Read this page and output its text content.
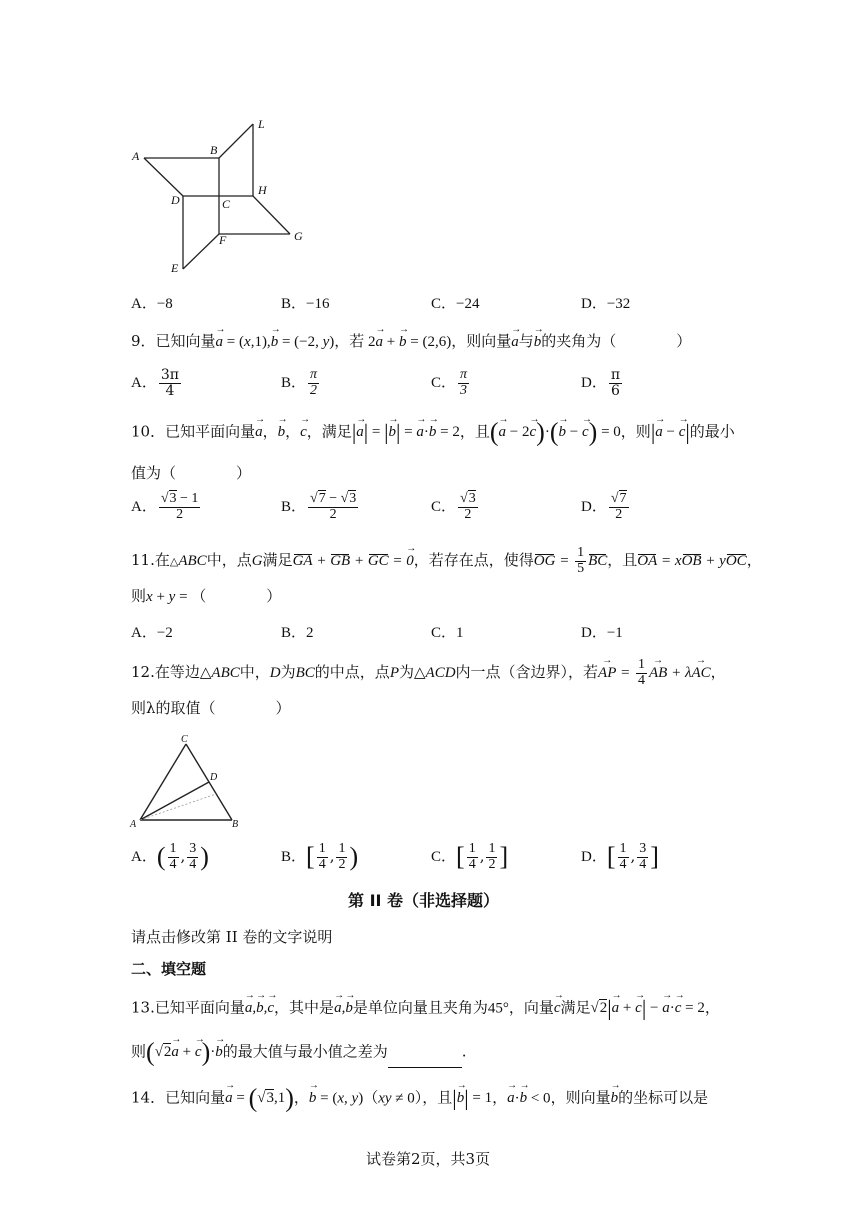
A	B
L
D	C
H
F	G
E
A．−8	B．−16	C．−24	D．−32
9．已知向量→ a = (x,1),→ b = (−2, y)，若 2→ a + → b = (2,6)，则向量→ a与→ b的夹角为（　　　　）
A． $\frac{3\pi}{4}$	B． $\frac{\pi}{2}$	C． $\frac{\pi}{3}$	D． $\frac{\pi}{6}$
10．已知平面向量→ a，→ b，→ c，满足|→ a| = |→ b| = → a·→ b = 2，且(→ a − 2→ c)·(→ b − → c) = 0，则|→ a − → c|的最小
值为（　　　　）
A． $\frac{√3 - 1}{2}$	B． $\frac{√7 - √3}{2}$	C． $\frac{√3}{2}$	D． $\frac{√7}{2}$
11.在△ABC中，点G满足GA + GB + GC = → 0，若存在点，使得OG = $\frac{1}{5}$ BC，且OA = xOB + yOC，
则x + y = （　　　　）
A．−2	B．2	C．1	D．−1
12.在等边△ABC中，D为BC的中点，点P为△ACD内一点（含边界），若→ AP = $\frac{1}{4}$
→ AB + λ→ AC，
则λ的取值（　　　　）
C
D
A	B
A．( $\frac{1}{4}$ , $\frac{3}{4}$ )	B．[ $\frac{1}{4}$ , $\frac{1}{2}$ )	C．[ $\frac{1}{4}$ , $\frac{1}{2}$ ]	D．[ $\frac{1}{4}$ , $\frac{3}{4}$ ]
第 II 卷（非选择题）
请点击修改第 II 卷的文字说明
二、填空题
13.已知平面向量→ a,→ b,→ c，其中是→ a,→ b是单位向量且夹角为45°，向量→ c满足√2|→ a + → c| − → a·→ c = 2，
则(√2→ a + → c)·→ b的最大值与最小值之差为	.
14．已知向量→ a = (√3,1)，→ b = (x, y)（xy ≠ 0），且|→ b| = 1，→ a·→ b < 0，则向量→ b的坐标可以是
试卷第2页，共3页
